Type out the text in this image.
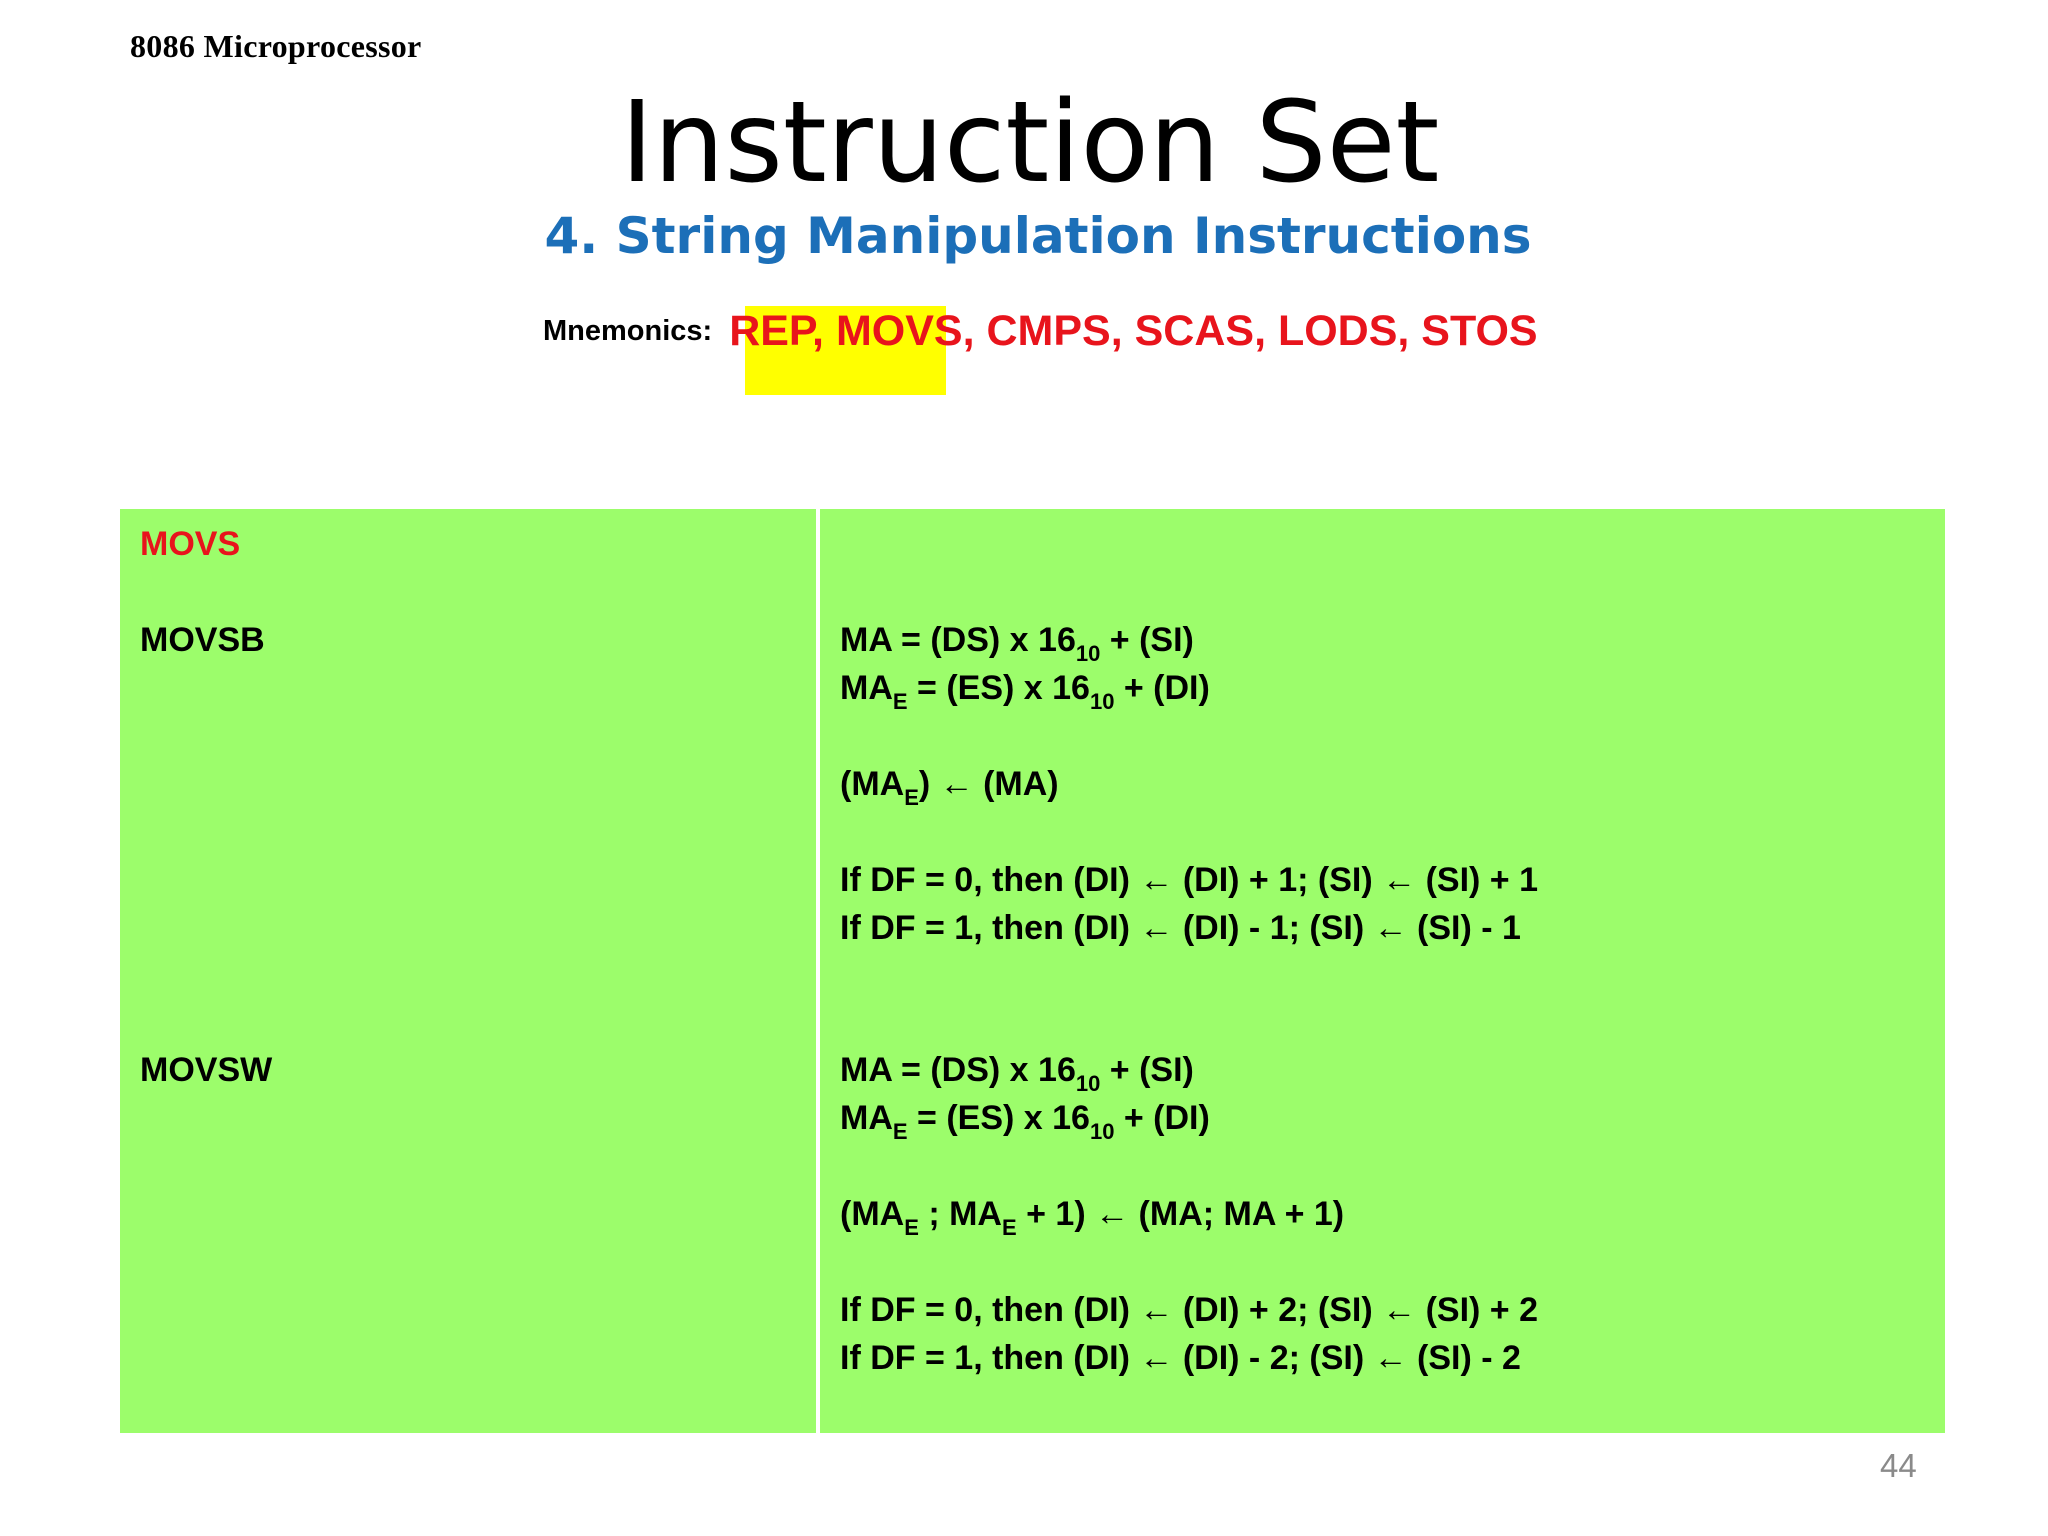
8086 Microprocessor
Instruction Set
4. String Manipulation Instructions
Mnemonics: REP, MOVS, CMPS, SCAS, LODS, STOS
MOVS
MOVSB
MOVSW
MA = (DS) x $16_{10} + (SI)$
$MA_E = (ES)$ x $16_{10} + (DI)$
$(MA_E)$ ← (MA)
If DF = 0, then (DI) ← (DI) + 1; (SI) ← (SI) + 1
If DF = 1, then (DI) ← (DI) - 1; (SI) ← (SI) - 1
MA = (DS) x $16_{10} + (SI)$
$MA_E = (ES)$ x $16_{10} + (DI)$
($MA_E$ ; $MA_E + 1$) ← (MA; MA + 1)
If DF = 0, then (DI) ← (DI) + 2; (SI) ← (SI) + 2
If DF = 1, then (DI) ← (DI) - 2; (SI) ← (SI) - 2
44
